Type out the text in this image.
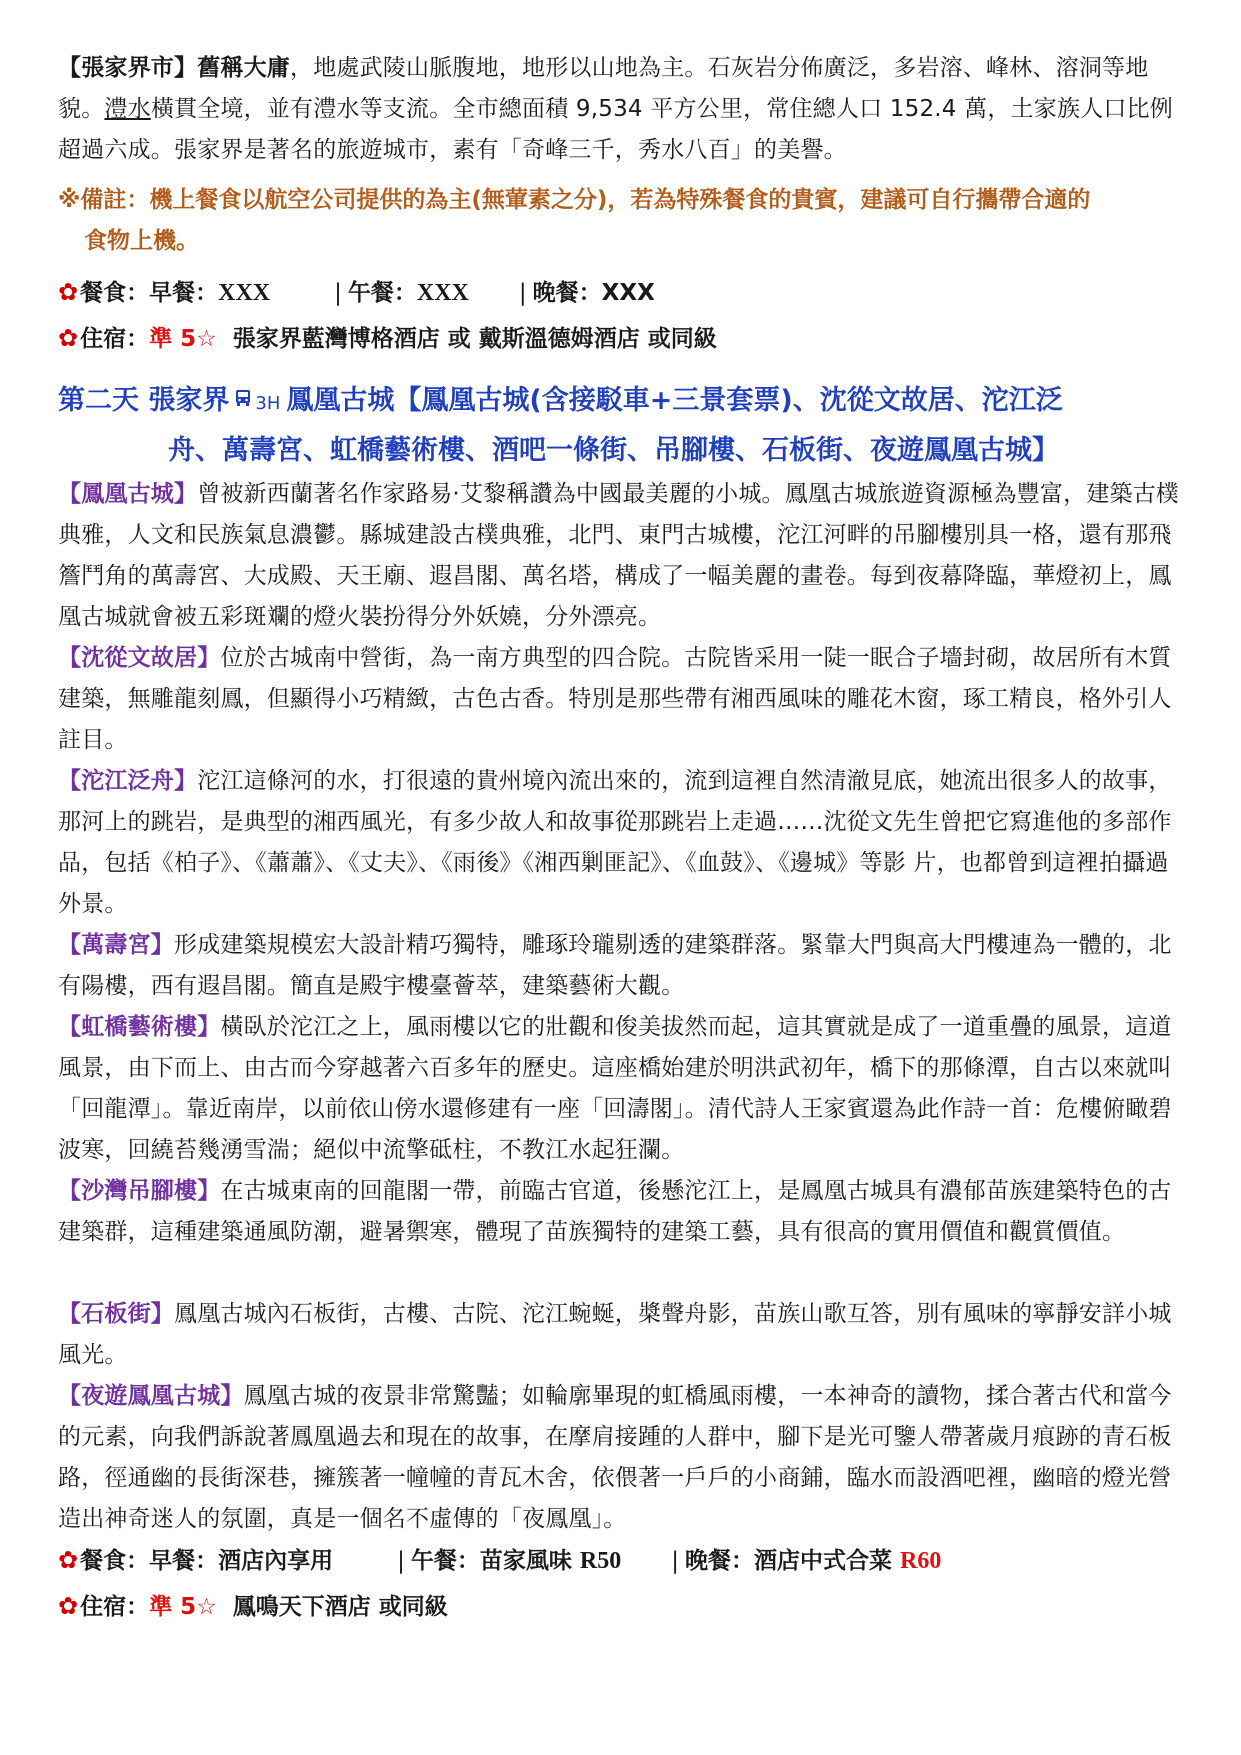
【張家界市】舊稱大庸，地處武陵山脈腹地，地形以山地為主。石灰岩分佈廣泛，多岩溶、峰林、溶洞等地貌。澧水橫貫全境，並有澧水等支流。全市總面積 9,534 平方公里，常住總人口 152.4 萬，土家族人口比例超過六成。張家界是著名的旅遊城市，素有「奇峰三千，秀水八百」的美譽。

※備註：機上餐食以航空公司提供的為主(無葷素之分)，若為特殊餐食的貴賓，建議可自行攜帶合適的
食物上機。

✿餐食：早餐：XXX	| 午餐：XXX | 晚餐：XXX

✿住宿：準 5☆ 張家界藍灣博格酒店 或 戴斯溫德姆酒店 或同級

第二天 張家界 3H 鳳凰古城【鳳凰古城(含接駁車+三景套票)、沈從文故居、沱江泛
舟、萬壽宮、虹橋藝術樓、酒吧一條街、吊腳樓、石板街、夜遊鳳凰古城】

【鳳凰古城】曾被新西蘭著名作家路易·艾黎稱讚為中國最美麗的小城。鳳凰古城旅遊資源極為豐富，建築古樸典雅，人文和民族氣息濃鬱。縣城建設古樸典雅，北門、東門古城樓，沱江河畔的吊腳樓別具一格，還有那飛簷鬥角的萬壽宮、大成殿、天王廟、遐昌閣、萬名塔，構成了一幅美麗的畫卷。每到夜幕降臨，華燈初上，鳳凰古城就會被五彩斑斕的燈火裝扮得分外妖嬈，分外漂亮。

【沈從文故居】位於古城南中營街，為一南方典型的四合院。古院皆采用一陡一眠合子墻封砌，故居所有木質建築，無雕龍刻鳳，但顯得小巧精緻，古色古香。特別是那些帶有湘西風味的雕花木窗，琢工精良，格外引人註目。

【沱江泛舟】沱江這條河的水，打很遠的貴州境內流出來的，流到這裡自然清澈見底，她流出很多人的故事，那河上的跳岩，是典型的湘西風光，有多少故人和故事從那跳岩上走過……沈從文先生曾把它寫進他的多部作品，包括《柏子》、《蕭蕭》、《丈夫》、《雨後》《湘西剿匪記》、《血鼓》、《邊城》等影 片，也都曾到這裡拍攝過外景。

【萬壽宮】形成建築規模宏大設計精巧獨特，雕琢玲瓏剔透的建築群落。緊靠大門與高大門樓連為一體的，北有陽樓，西有遐昌閣。簡直是殿宇樓臺薈萃，建築藝術大觀。

【虹橋藝術樓】橫臥於沱江之上，風雨樓以它的壯觀和俊美拔然而起，這其實就是成了一道重疊的風景，這道風景，由下而上、由古而今穿越著六百多年的歷史。這座橋始建於明洪武初年，橋下的那條潭，自古以來就叫「回龍潭」。靠近南岸，以前依山傍水還修建有一座「回濤閣」。清代詩人王家賓還為此作詩一首：危樓俯瞰碧波寒，回繞苔幾湧雪湍；絕似中流擎砥柱，不教江水起狂瀾。

【沙灣吊腳樓】在古城東南的回龍閣一帶，前臨古官道，後懸沱江上，是鳳凰古城具有濃郁苗族建築特色的古建築群，這種建築通風防潮，避暑禦寒，體現了苗族獨特的建築工藝，具有很高的實用價值和觀賞價值。

【石板街】鳳凰古城內石板街，古樓、古院、沱江蜿蜒，槳聲舟影，苗族山歌互答，別有風味的寧靜安詳小城風光。

【夜遊鳳凰古城】鳳凰古城的夜景非常驚豔；如輪廓畢現的虹橋風雨樓，一本神奇的讀物，揉合著古代和當今的元素，向我們訴說著鳳凰過去和現在的故事，在摩肩接踵的人群中，腳下是光可鑒人帶著歲月痕跡的青石板路，徑通幽的長街深巷，擁簇著一幢幢的青瓦木舍，依偎著一戶戶的小商鋪，臨水而設酒吧裡，幽暗的燈光營造出神奇迷人的氛圍，真是一個名不虛傳的「夜鳳凰」。

✿餐食：早餐：酒店內享用	| 午餐：苗家風味 R50 | 晚餐：酒店中式合菜 R60

✿住宿：準 5☆ 鳳鳴天下酒店 或同級
